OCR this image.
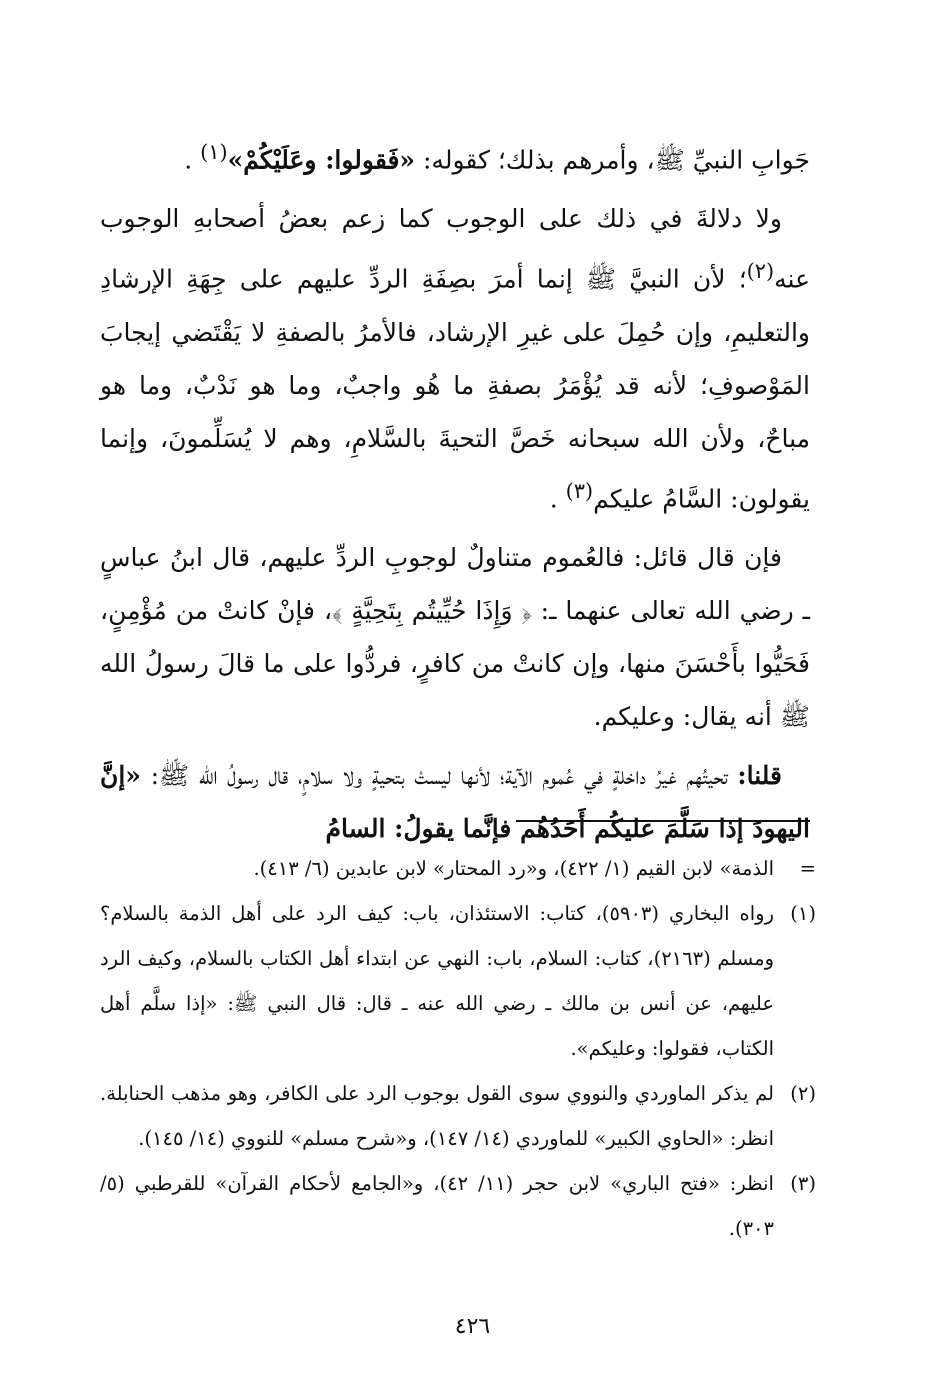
جَوابِ النبيِّ ﷺ، وأمرهم بذلك؛ كقوله: «فَقولوا: وعَلَيْكُمْ»$^{(١)}$ .

ولا دلالةَ في ذلك على الوجوب كما زعم بعضُ أصحابهِ الوجوب عنه$^{(٢)}$؛ لأن النبيَّ ﷺ إنما أمرَ بصِفَةِ الردِّ عليهم على جِهَةِ الإرشادِ والتعليمِ، وإن حُمِلَ على غيرِ الإرشاد، فالأمرُ بالصفةِ لا يَقْتَضي إيجابَ المَوْصوفِ؛ لأنه قد يُؤْمَرُ بصفةِ ما هُو واجبٌ، وما هو نَدْبٌ، وما هو مباحٌ، ولأن الله سبحانه خَصَّ التحيةَ بالسَّلامِ، وهم لا يُسَلِّمونَ، وإنما يقولون: السَّامُ عليكم$^{(٣)}$ .

فإن قال قائل: فالعُموم متناولٌ لوجوبِ الردِّ عليهم، قال ابنُ عباسٍ ـ رضي الله تعالى عنهما ـ: ﴿ وَإِذَا حُيِّيتُم بِتَحِيَّةٍ ﴾، فإنْ كانتْ من مُؤْمِنٍ، فَحَيُّوا بأَحْسَنَ منها، وإن كانتْ من كافرٍ، فردُّوا على ما قالَ رسولُ الله ﷺ أنه يقال: وعليكم.

قلنا: تحيتُهم غيرُ داخلةٍ في عُموم الآية؛ لأنها ليستْ بتحيةٍ ولا سلامٍ، قال رسولُ الله ﷺ: «إنَّ اليهودَ إذا سَلَّمَ عليكُم أَحَدُهُم فإنَّما يقولُ: السامُ

=
الذمة» لابن القيم (١/ ٤٢٢)، و«رد المحتار» لابن عابدين (٦/ ٤١٣).
(١)
رواه البخاري (٥٩٠٣)، كتاب: الاستئذان، باب: كيف الرد على أهل الذمة بالسلام؟ ومسلم (٢١٦٣)، كتاب: السلام، باب: النهي عن ابتداء أهل الكتاب بالسلام، وكيف الرد عليهم، عن أنس بن مالك ـ رضي الله عنه ـ قال: قال النبي ﷺ: «إذا سلَّم أهل الكتاب، فقولوا: وعليكم».
(٢)
لم يذكر الماوردي والنووي سوى القول بوجوب الرد على الكافر، وهو مذهب الحنابلة. انظر: «الحاوي الكبير» للماوردي (١٤/ ١٤٧)، و«شرح مسلم» للنووي (١٤/ ١٤٥).
(٣)
انظر: «فتح الباري» لابن حجر (١١/ ٤٢)، و«الجامع لأحكام القرآن» للقرطبي (٥/ ٣٠٣).
٤٢٦
